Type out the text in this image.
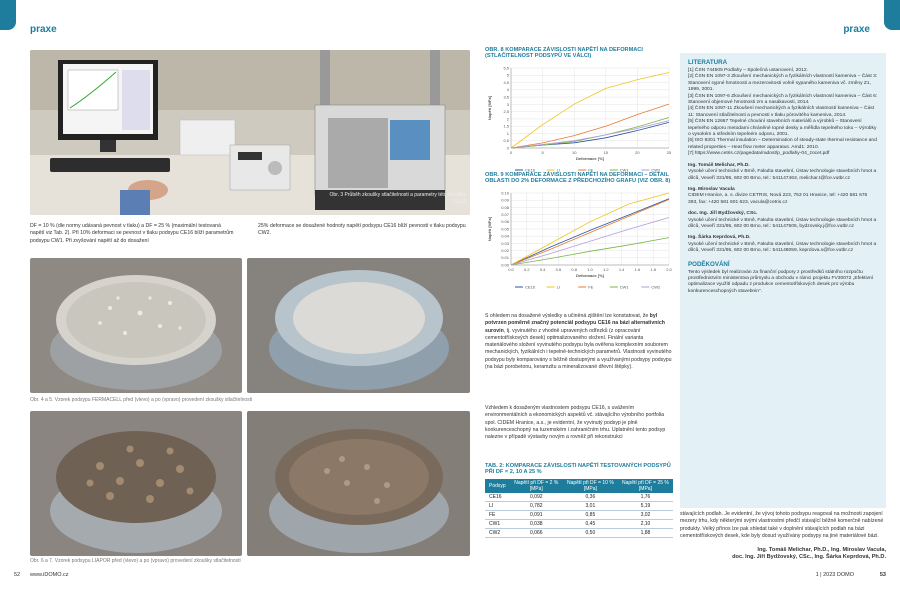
praxe
Obr. 3 Průběh zkoušky stlačitelnosti a parametry této zkoušky CE16
DF = 10 % (dle normy udávaná pevnost v tlaku) a DF = 25 % (maximální testovaná napětí viz Tab. 2). Při 10% deformaci se pevnost v tlaku podsypu CE16 blíží parametrům podsypu CW1. Při zvyšování napětí až do dosažení
25% deformace se dosažené hodnoty napětí podsypu CE16 blíží pevnosti v tlaku podsypu CW2.
Obr. 4 a 5. Vzorek podsypu FERMACELL před (vlevo) a po (vpravo) provedení zkoušky stlačitelnosti
Obr. 6 a 7. Vzorek podsypu LIAPOR před (vlevo) a po (vpravo) provedení zkoušky stlačitelnosti
52 www.iDOMO.cz
praxe
OBR. 8 KOMPARACE ZÁVISLOSTI NAPĚTÍ NA DEFORMACI (STLAČITELNOST PODSYPŮ VE VÁLCI)
0
0,5
1
1,5
2
2,5
3
3,5
4
4,5
5
5,5
0	5	10	15	20	25
Deformace [%]
Napětí [MPa]
CE16	LI	FE	CW1	CW2
OBR. 9 KOMPARACE ZÁVISLOSTI NAPĚTÍ NA DEFORMACI – DETAIL OBLASTI DO 2% DEFORMACE Z PŘEDCHOZÍHO GRAFU (VIZ OBR. 8)
0.00
0.01
0.02
0.03
0.04
0.05
0.06
0.07
0.08
0.09
0.10
0.0	0.2	0.4	0.6	0.8	1.0	1.2	1.4	1.6	1.8	2.0
Deformace [%]
Napětí [MPa]
CE16	LI	FE	CW1	CW2
S ohledem na dosažené výsledky a učiněná zjištění lze konstatovat, že byl potvrzen poměrně značný potenciál podsypu CE16 na bázi alternativních surovin, tj. vyvinutého z vhodně upravených odřezků (z opracování cementotřískových desek) optimalizovaného složení. Finální varianta materiálového složení vyvinutého podsypu byla ověřena komplexním souborem mechanických, fyzikálních i tepelně-technických parametrů. Vlastnosti vyvinutého podsypu byly komparovány s běžně dostupnými a využívanými podsypy podsypu (na bázi porobetonu, keramzitu a mineralizované dřevní štěpky).
Vzhledem k dosaženým vlastnostem podsypu CE16, s uvážením environmentálních a ekonomických aspektů vč. stávajícího výrobního portfolia spol. CIDEM Hranice, a.s., je evidentní, že vyvinutý podsyp je plně konkurenceschopný na tuzemském i zahraničním trhu. Uplatnění tento podsyp nalezne v případě výstavby novým a rovněž při rekonstrukci
TAB. 2: KOMPARACE ZÁVISLOSTI NAPĚTÍ TESTOVANÝCH PODSYPŮ PŘI DF = 2, 10 A 25 %
Podsyp	Napětí při DF = 2 % [MPa]	Napětí při DF = 10 % [MPa]	Napětí při DF = 25 % [MPa]
CE16	0,092	0,36	1,76
LI	0,782	3,01	5,19
FE	0,091	0,85	3,02
CW1	0,038	0,45	2,10
CW2	0,066	0,50	1,88
LITERATURA
[1] ČSN 744505 Podlahy – Společná ustanovení, 2012.
[2] ČSN EN 1097-3 Zkoušení mechanických a fyzikálních vlastností kameniva – Část 3: Stanovení sypné hmotnosti a mezerovitosti volně sypaného kameniva vč. změny Z1, 1999, 2001.
[3] ČSN EN 1097-6 Zkoušení mechanických a fyzikálních vlastností kameniva – Část 6: Stanovení objemové hmotnosti zrn a nasákavosti, 2014.
[4] ČSN EN 1097-11 Zkoušení mechanických a fyzikálních vlastností kameniva – Část 11: Stanovení stlačitelnosti a pevnosti v tlaku pórovitého kameniva, 2014.
[5] ČSN EN 12667 Tepelné chování stavebních materiálů a výrobků – Stanovení tepelného odporu metodami chráněné topné desky a měřidla tepelného toku – Výrobky o vysokém a středním tepelném odporu, 2001.
[6] ISO 8301 Thermal insulation – Determination of steady-state thermal resistance and related properties – Heat flow meter apparatus. Amd1: 2010.
[7] https://www.cetris.cz/pagedata/radost/p_podlahy-04_zocet.pdf
Ing. Tomáš Melichar, Ph.D.
Vysoké učení technické v Brně, Fakulta stavební, Ústav technologie stavebních hmot a dílců, Veveří 331/95, 602 00 Brno, tel.: 541147463, melichar.t@fce.vutbr.cz
Ing. Miroslav Vacula
CIDEM Hranice, a. s. divize CETRIS, Nová 223, 753 01 Hranice, tel: +420 581 676 393, fax: +420 581 601 623, vacula@cetris.cz
doc. Ing. Jiří Bydžovský, CSc.
Vysoké učení technické v Brně, Fakulta stavební, Ústav technologie stavebních hmot a dílců, Veveří 331/95, 602 00 Brno, tel.: 541147505, bydzovsky.j@fce.vutbr.cz
Ing. Šárka Keprdová, Ph.D.
Vysoké učení technické v Brně, Fakulta stavební, Ústav technologie stavebních hmot a dílců, Veveří 331/95, 602 00 Brno, tel.: 541148059, keprdova.s@fce.vutbr.cz
PODĚKOVÁNÍ
Tento výsledek byl realizován za finanční podpory z prostředků státního rozpočtu prostřednictvím ministerstva průmyslu a obchodu v rámci projektu FV30072 „Efektivní optimalizace využití odpadu z produkce cementotřískových desek pro výrobu konkurenceschopných stavebnin“.
stávajících podlah. Je evidentní, že vývoj tohoto podsypu reagoval na možnosti zapojení mezery trhu, kdy některými svými vlastnostmi předčí stávající běžně komerčně nabízené produkty. Velký přínos lze pak shledat také v doplnění stávajících podlah na bázi cementotřískových desek, kde byly dosud využívány podsypy na jiné materiálové bázi.
Ing. Tomáš Melichar, Ph.D., Ing. Miroslav Vacula,
doc. Ing. Jiří Bydžovský, CSc., Ing. Šárka Keprdová, Ph.D.
1 | 2023 DOMO	53
